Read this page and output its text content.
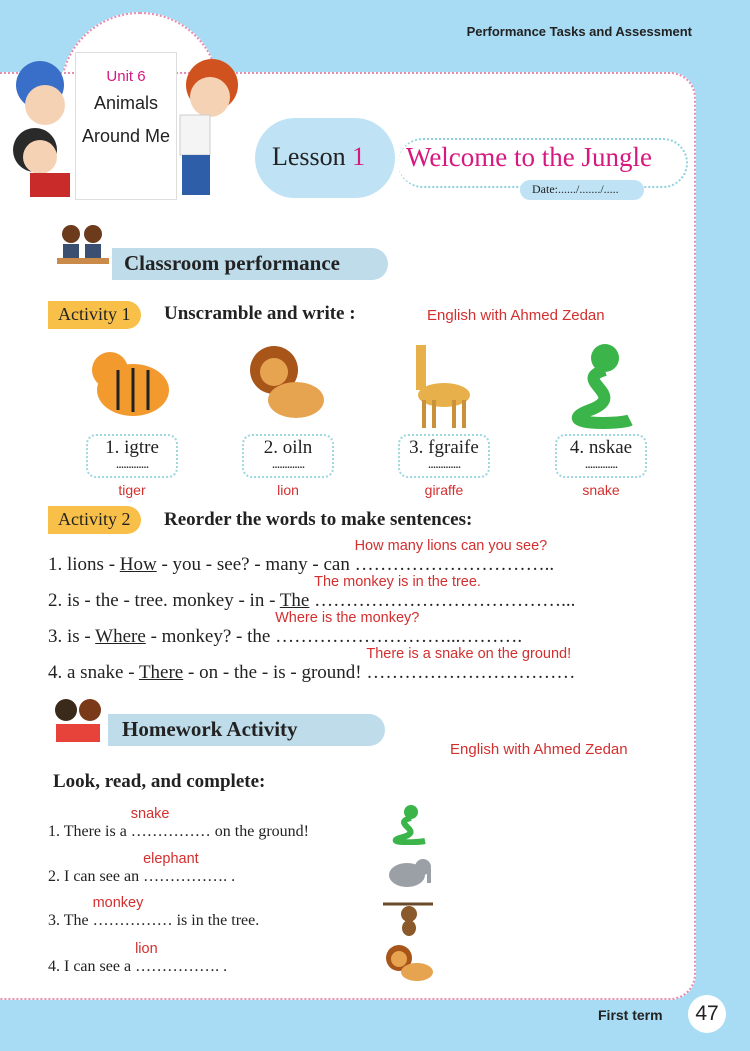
Performance Tasks and Assessment
Unit 6
Animals
Around Me
Lesson 1 Welcome to the Jungle
Date:....../......./.....
Classroom performance
Activity 1	Unscramble and write :	English with Ahmed Zedan
1. igtre
.............
2. oiln
.............
3. fgraife
.............
4. nskae
.............
tiger	lion	giraffe	snake
Activity 2	Reorder the words to make sentences:
1. lions - How - you - see? - many - can
How many lions can you see?
…………………………..
2. is - the - tree. monkey - in - The
The monkey is in the tree.
…………………………………...
3. is - Where - monkey? - the
Where is the monkey?
………………………...……….
4. a snake - There - on - the - is - ground!
There is a snake on the ground!
……………………………
Homework Activity
English with Ahmed Zedan
Look, read, and complete:
1. There is a
snake
…………… on the ground!
2. I can see an
elephant
……………. .
3. The
monkey
…………… is in the tree.
4. I can see a
lion
……………. .
First term	47
